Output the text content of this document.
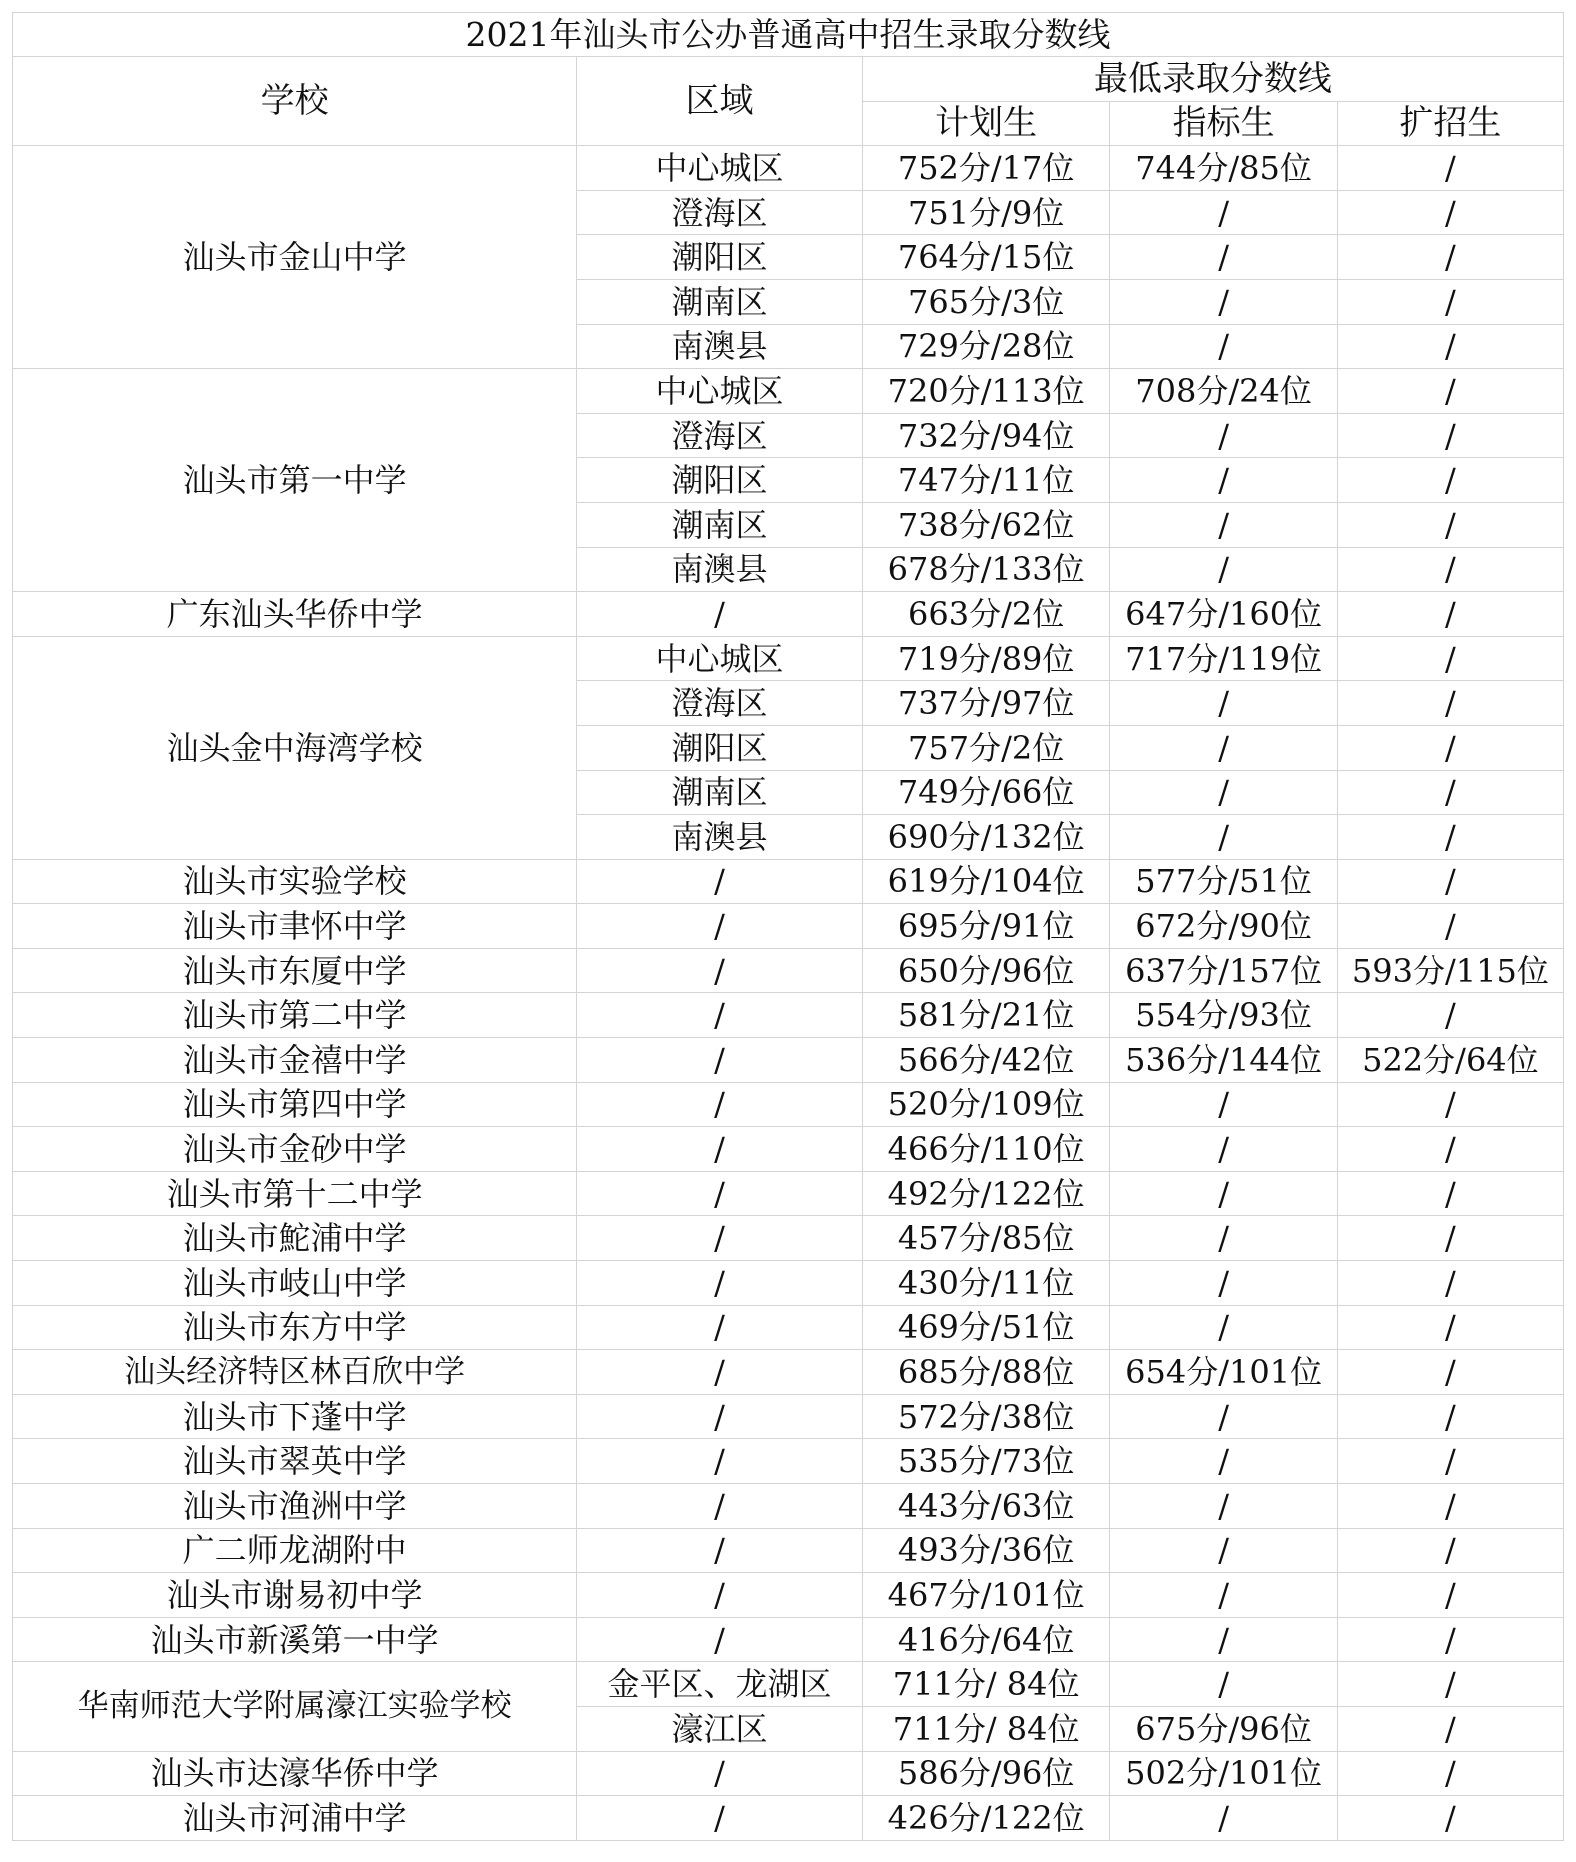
2021年汕头市公办普通高中招生录取分数线				
学校	区域	最低录取分数线		
		计划生	指标生	扩招生
汕头市金山中学	中心城区	752分/17位	744分/85位	/
	澄海区	751分/9位	/	/
	潮阳区	764分/15位	/	/
	潮南区	765分/3位	/	/
	南澳县	729分/28位	/	/
汕头市第一中学	中心城区	720分/113位	708分/24位	/
	澄海区	732分/94位	/	/
	潮阳区	747分/11位	/	/
	潮南区	738分/62位	/	/
	南澳县	678分/133位	/	/
广东汕头华侨中学	/	663分/2位	647分/160位	/
汕头金中海湾学校	中心城区	719分/89位	717分/119位	/
	澄海区	737分/97位	/	/
	潮阳区	757分/2位	/	/
	潮南区	749分/66位	/	/
	南澳县	690分/132位	/	/
汕头市实验学校	/	619分/104位	577分/51位	/
汕头市聿怀中学	/	695分/91位	672分/90位	/
汕头市东厦中学	/	650分/96位	637分/157位	593分/115位
汕头市第二中学	/	581分/21位	554分/93位	/
汕头市金禧中学	/	566分/42位	536分/144位	522分/64位
汕头市第四中学	/	520分/109位	/	/
汕头市金砂中学	/	466分/110位	/	/
汕头市第十二中学	/	492分/122位	/	/
汕头市鮀浦中学	/	457分/85位	/	/
汕头市岐山中学	/	430分/11位	/	/
汕头市东方中学	/	469分/51位	/	/
汕头经济特区林百欣中学	/	685分/88位	654分/101位	/
汕头市下蓬中学	/	572分/38位	/	/
汕头市翠英中学	/	535分/73位	/	/
汕头市渔洲中学	/	443分/63位	/	/
广二师龙湖附中	/	493分/36位	/	/
汕头市谢易初中学	/	467分/101位	/	/
汕头市新溪第一中学	/	416分/64位	/	/
华南师范大学附属濠江实验学校	金平区、龙湖区	711分/ 84位	/	/
	濠江区	711分/ 84位	675分/96位	/
汕头市达濠华侨中学	/	586分/96位	502分/101位	/
汕头市河浦中学	/	426分/122位	/	/
